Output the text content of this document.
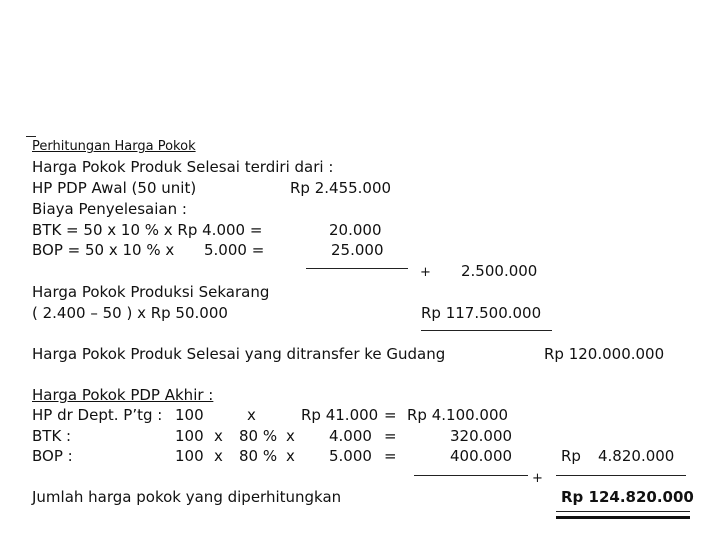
Perhitungan Harga Pokok
Harga Pokok Produk Selesai terdiri dari :
HP PDP Awal (50 unit)	Rp 2.455.000
Biaya Penyelesaian :
BTK = 50 x 10 % x Rp 4.000 =	20.000
BOP = 50 x 10 % x 5.000 =	25.000
+ 2.500.000
Harga Pokok Produksi Sekarang
( 2.400 – 50 ) x Rp 50.000	Rp 117.500.000
Harga Pokok Produk Selesai yang ditransfer ke Gudang	Rp 120.000.000
Harga Pokok PDP Akhir :
HP dr Dept. P’tg : 100	x	Rp 41.000 = Rp 4.100.000
BTK :	100 x 80 % x 4.000 =	320.000
BOP :	100 x 80 % x 5.000 =	400.000	Rp 4.820.000
+
Jumlah harga pokok yang diperhitungkan	Rp 124.820.000
